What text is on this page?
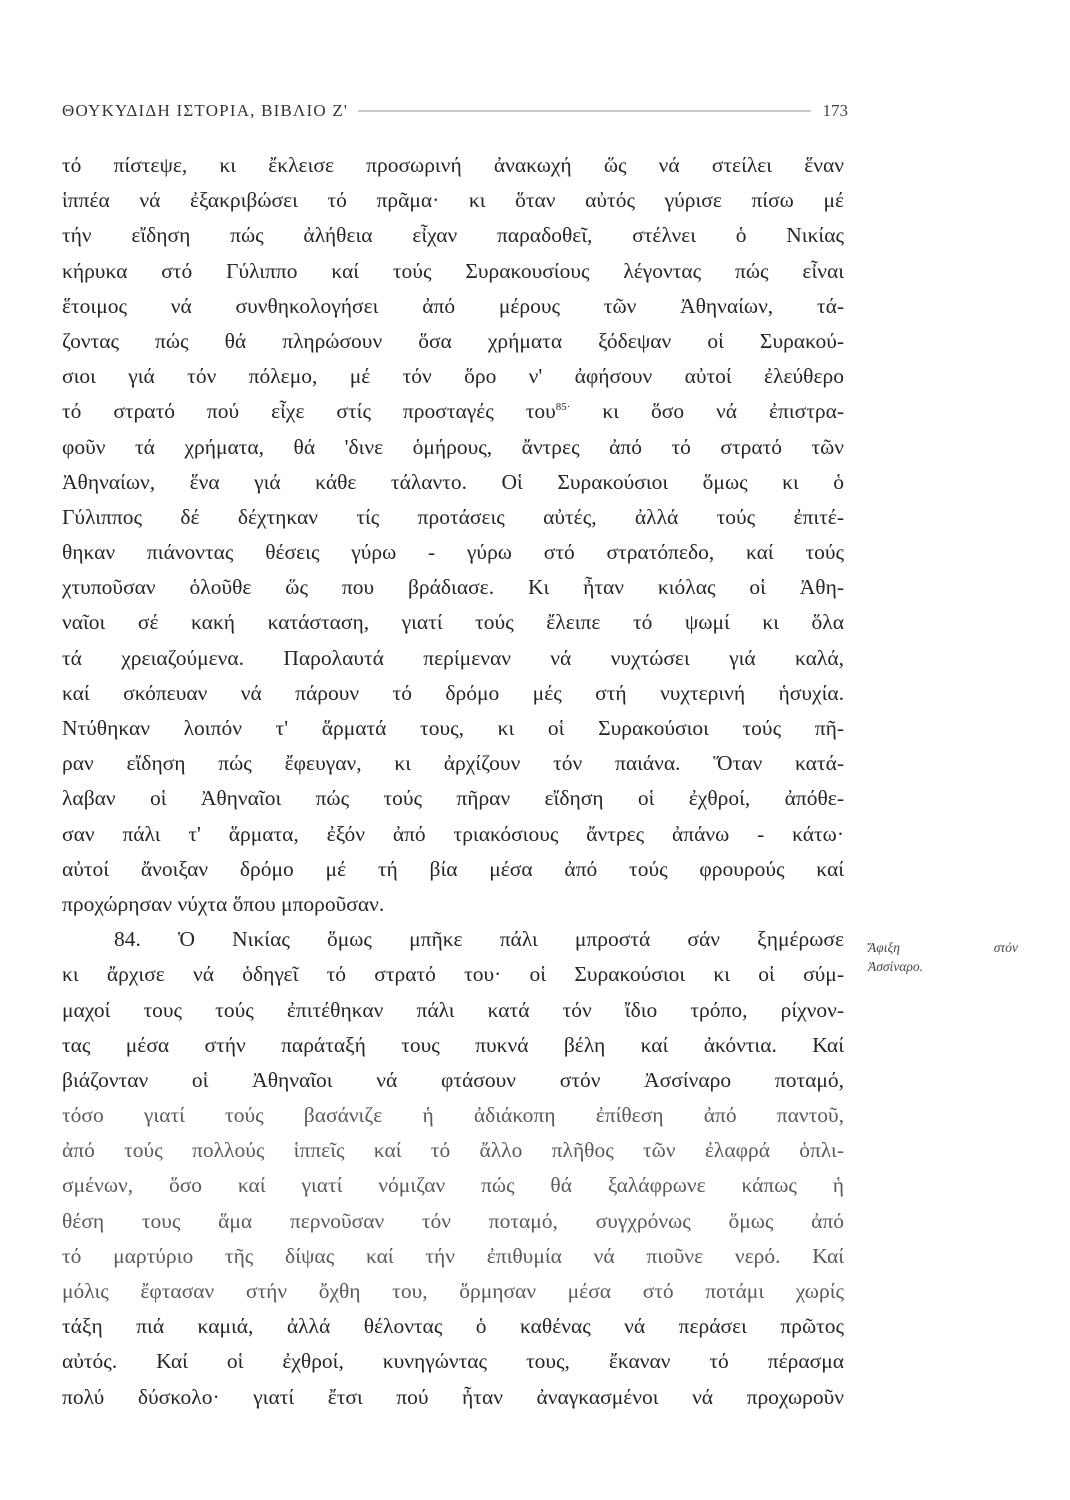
ΘΟΥΚΥΔΙΔΗ ΙΣΤΟΡΙΑ, ΒΙΒΛΙΟ Ζ'	173
τό πίστεψε, κι ἔκλεισε προσωρινή ἀνακωχή ὥς νά στείλει ἕναν
ἱππέα νά ἐξακριβώσει τό πρᾶμα· κι ὅταν αὐτός γύρισε πίσω μέ
τήν εἴδηση πώς ἀλήθεια εἶχαν παραδοθεῖ, στέλνει ὁ Νικίας
κήρυκα στό Γύλιππο καί τούς Συρακουσίους λέγοντας πώς εἶναι
ἕτοιμος νά συνθηκολογήσει ἀπό μέρους τῶν Ἀθηναίων, τά-
ζοντας πώς θά πληρώσουν ὅσα χρήματα ξόδεψαν οἱ Συρακού-
σιοι γιά τόν πόλεμο, μέ τόν ὅρο ν' ἀφήσουν αὐτοί ἐλεύθερο
τό στρατό πού εἶχε στίς προσταγές του$^{85\cdot}$ κι ὅσο νά ἐπιστρα-
φοῦν τά χρήματα, θά 'δινε ὁμήρους, ἄντρες ἀπό τό στρατό τῶν
Ἀθηναίων, ἕνα γιά κάθε τάλαντο. Οἱ Συρακούσιοι ὅμως κι ὁ
Γύλιππος δέ δέχτηκαν τίς προτάσεις αὐτές, ἀλλά τούς ἐπιτέ-
θηκαν πιάνοντας θέσεις γύρω - γύρω στό στρατόπεδο, καί τούς
χτυποῦσαν ὁλοῦθε ὥς που βράδιασε. Κι ἦταν κιόλας οἱ Ἀθη-
ναῖοι σέ κακή κατάσταση, γιατί τούς ἔλειπε τό ψωμί κι ὅλα
τά χρειαζούμενα. Παρολαυτά περίμεναν νά νυχτώσει γιά καλά,
καί σκόπευαν νά πάρουν τό δρόμο μές στή νυχτερινή ἡσυχία.
Ντύθηκαν λοιπόν τ' ἅρματά τους, κι οἱ Συρακούσιοι τούς πῆ-
ραν εἴδηση πώς ἔφευγαν, κι ἀρχίζουν τόν παιάνα. Ὅταν κατά-
λαβαν οἱ Ἀθηναῖοι πώς τούς πῆραν εἴδηση οἱ ἐχθροί, ἀπόθε-
σαν πάλι τ' ἅρματα, ἐξόν ἀπό τριακόσιους ἄντρες ἀπάνω - κάτω·
αὐτοί ἄνοιξαν δρόμο μέ τή βία μέσα ἀπό τούς φρουρούς καί
προχώρησαν νύχτα ὅπου μποροῦσαν.
84. Ὁ Νικίας ὅμως μπῆκε πάλι μπροστά σάν ξημέρωσε
κι ἄρχισε νά ὁδηγεῖ τό στρατό του· οἱ Συρακούσιοι κι οἱ σύμ-
μαχοί τους τούς ἐπιτέθηκαν πάλι κατά τόν ἴδιο τρόπο, ρίχνον-
τας μέσα στήν παράταξή τους πυκνά βέλη καί ἀκόντια. Καί
βιάζονταν οἱ Ἀθηναῖοι νά φτάσουν στόν Ἀσσίναρο ποταμό,
τόσο γιατί τούς βασάνιζε ἡ ἀδιάκοπη ἐπίθεση ἀπό παντοῦ,
ἀπό τούς πολλούς ἱππεῖς καί τό ἄλλο πλῆθος τῶν ἐλαφρά ὁπλι-
σμένων, ὅσο καί γιατί νόμιζαν πώς θά ξαλάφρωνε κάπως ἡ
θέση τους ἅμα περνοῦσαν τόν ποταμό, συγχρόνως ὅμως ἀπό
τό μαρτύριο τῆς δίψας καί τήν ἐπιθυμία νά πιοῦνε νερό. Καί
μόλις ἔφτασαν στήν ὄχθη του, ὅρμησαν μέσα στό ποτάμι χωρίς
τάξη πιά καμιά, ἀλλά θέλοντας ὁ καθένας νά περάσει πρῶτος
αὐτός. Καί οἱ ἐχθροί, κυνηγώντας τους, ἔκαναν τό πέρασμα
πολύ δύσκολο· γιατί ἔτσι πού ἦταν ἀναγκασμένοι νά προχωροῦν
Ἄφιξη	στόν
Ἀσσίναρο.
